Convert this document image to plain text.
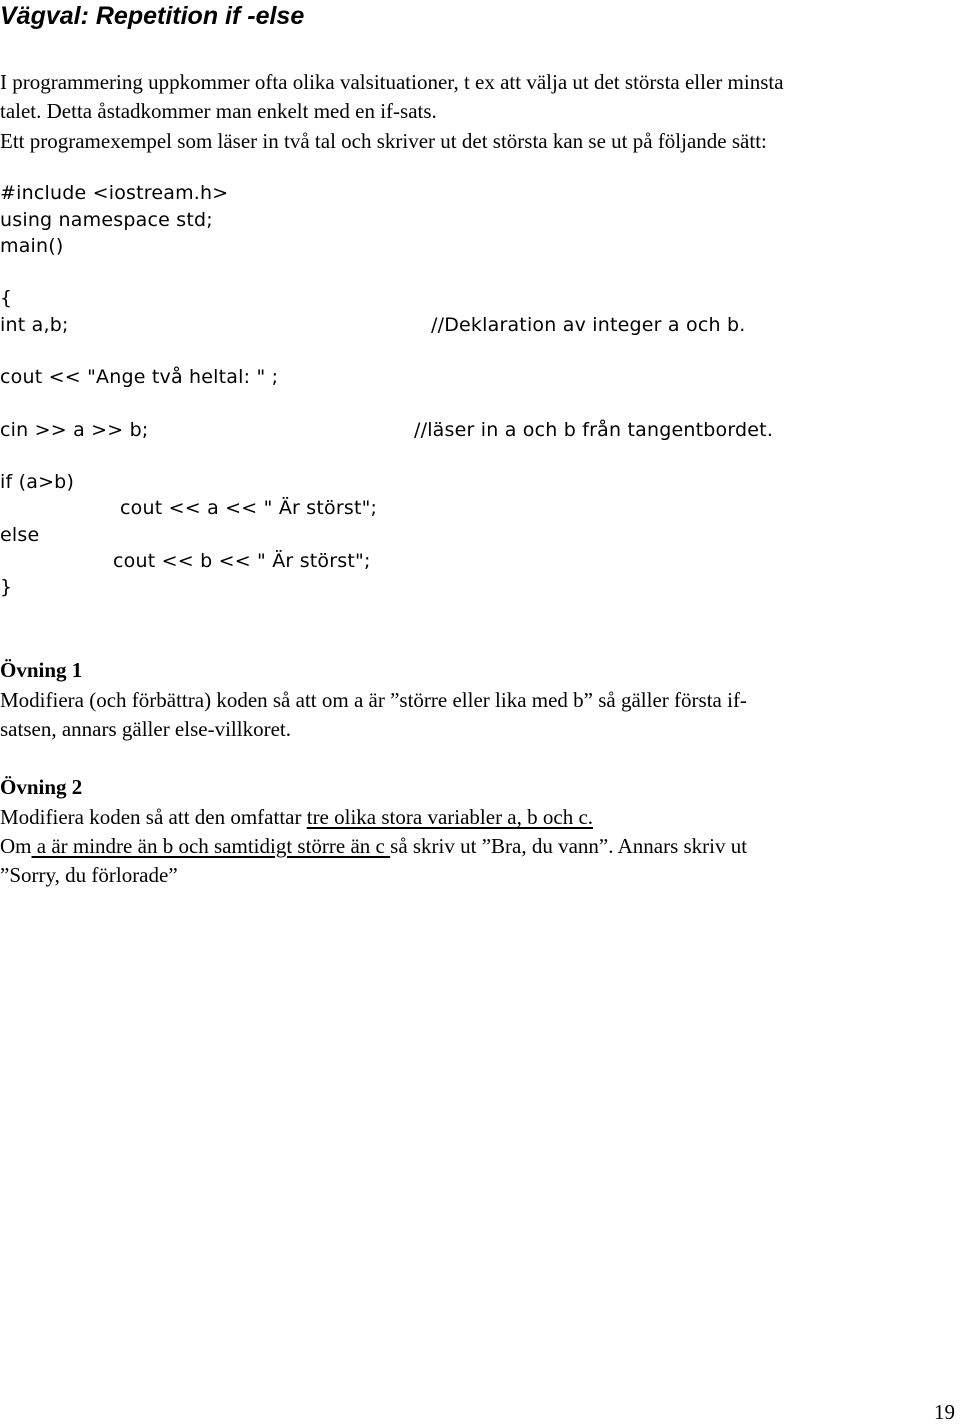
Vägval: Repetition if -else
I programmering uppkommer ofta olika valsituationer, t ex att välja ut det största eller minsta
talet. Detta åstadkommer man enkelt med en if-sats.
Ett programexempel som läser in två tal och skriver ut det största kan se ut på följande sätt:
#include <iostream.h>
using namespace std;
main()
{
int a,b;	//Deklaration av integer a och b.
cout << "Ange två heltal: " ;
cin >> a >> b;	//läser in a och b från tangentbordet.
if (a>b)
cout << a << " Är störst";
else
cout << b << " Är störst";
}
Övning 1
Modifiera (och förbättra) koden så att om a är ”större eller lika med b” så gäller första if-
satsen, annars gäller else-villkoret.
Övning 2
Modifiera koden så att den omfattar tre olika stora variabler a, b och c.
Om a är mindre än b och samtidigt större än c så skriv ut ”Bra, du vann”. Annars skriv ut
”Sorry, du förlorade”
19
